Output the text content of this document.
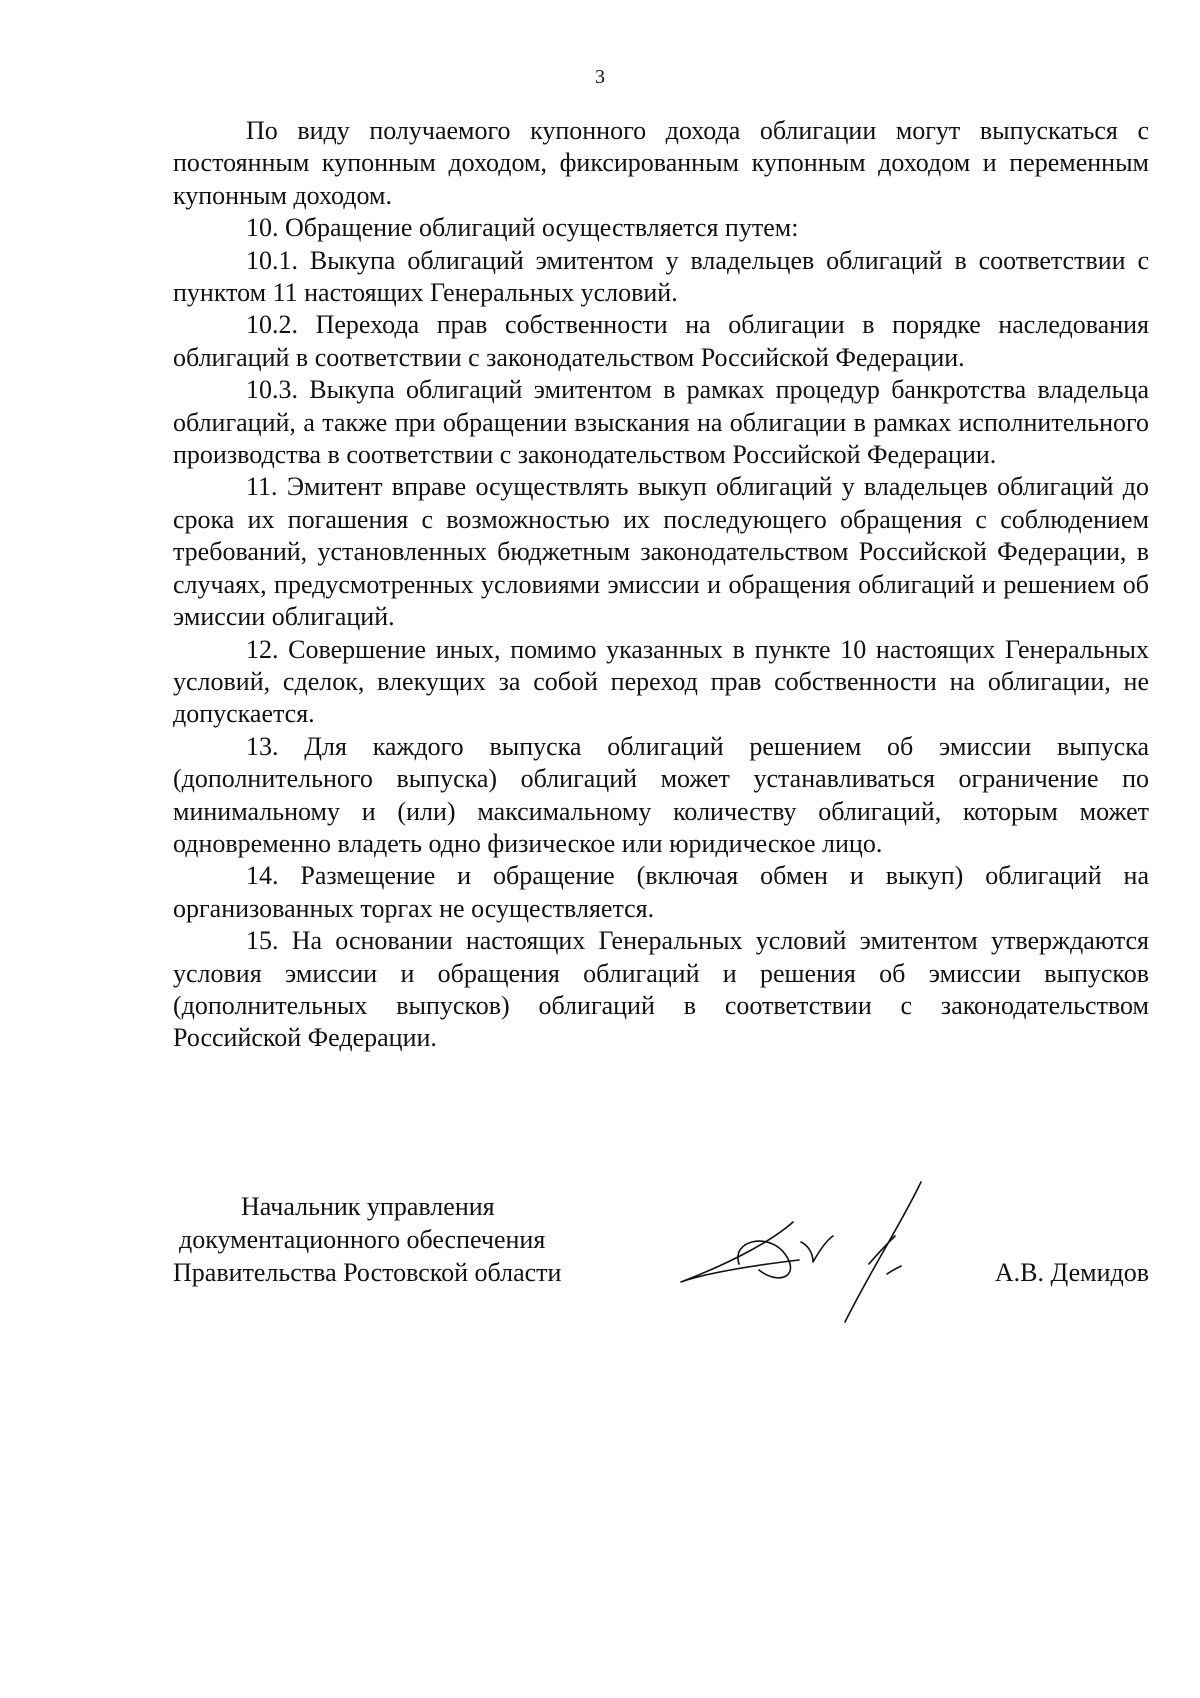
3

По виду получаемого купонного дохода облигации могут выпускаться с постоянным купонным доходом, фиксированным купонным доходом и переменным купонным доходом.

10. Обращение облигаций осуществляется путем:

10.1. Выкупа облигаций эмитентом у владельцев облигаций в соответствии с пунктом 11 настоящих Генеральных условий.

10.2. Перехода прав собственности на облигации в порядке наследования облигаций в соответствии с законодательством Российской Федерации.

10.3. Выкупа облигаций эмитентом в рамках процедур банкротства владельца облигаций, а также при обращении взыскания на облигации в рамках исполнительного производства в соответствии с законодательством Российской Федерации.

11. Эмитент вправе осуществлять выкуп облигаций у владельцев облигаций до срока их погашения с возможностью их последующего обращения с соблюдением требований, установленных бюджетным законодательством Российской Федерации, в случаях, предусмотренных условиями эмиссии и обращения облигаций и решением об эмиссии облигаций.

12. Совершение иных, помимо указанных в пункте 10 настоящих Генеральных условий, сделок, влекущих за собой переход прав собственности на облигации, не допускается.

13. Для каждого выпуска облигаций решением об эмиссии выпуска (дополнительного выпуска) облигаций может устанавливаться ограничение по минимальному и (или) максимальному количеству облигаций, которым может одновременно владеть одно физическое или юридическое лицо.

14. Размещение и обращение (включая обмен и выкуп) облигаций на организованных торгах не осуществляется.

15. На основании настоящих Генеральных условий эмитентом утверждаются условия эмиссии и обращения облигаций и решения об эмиссии выпусков (дополнительных выпусков) облигаций в соответствии с законодательством Российской Федерации.

Начальник управления
документационного обеспечения
Правительства Ростовской области	А.В. Демидов
